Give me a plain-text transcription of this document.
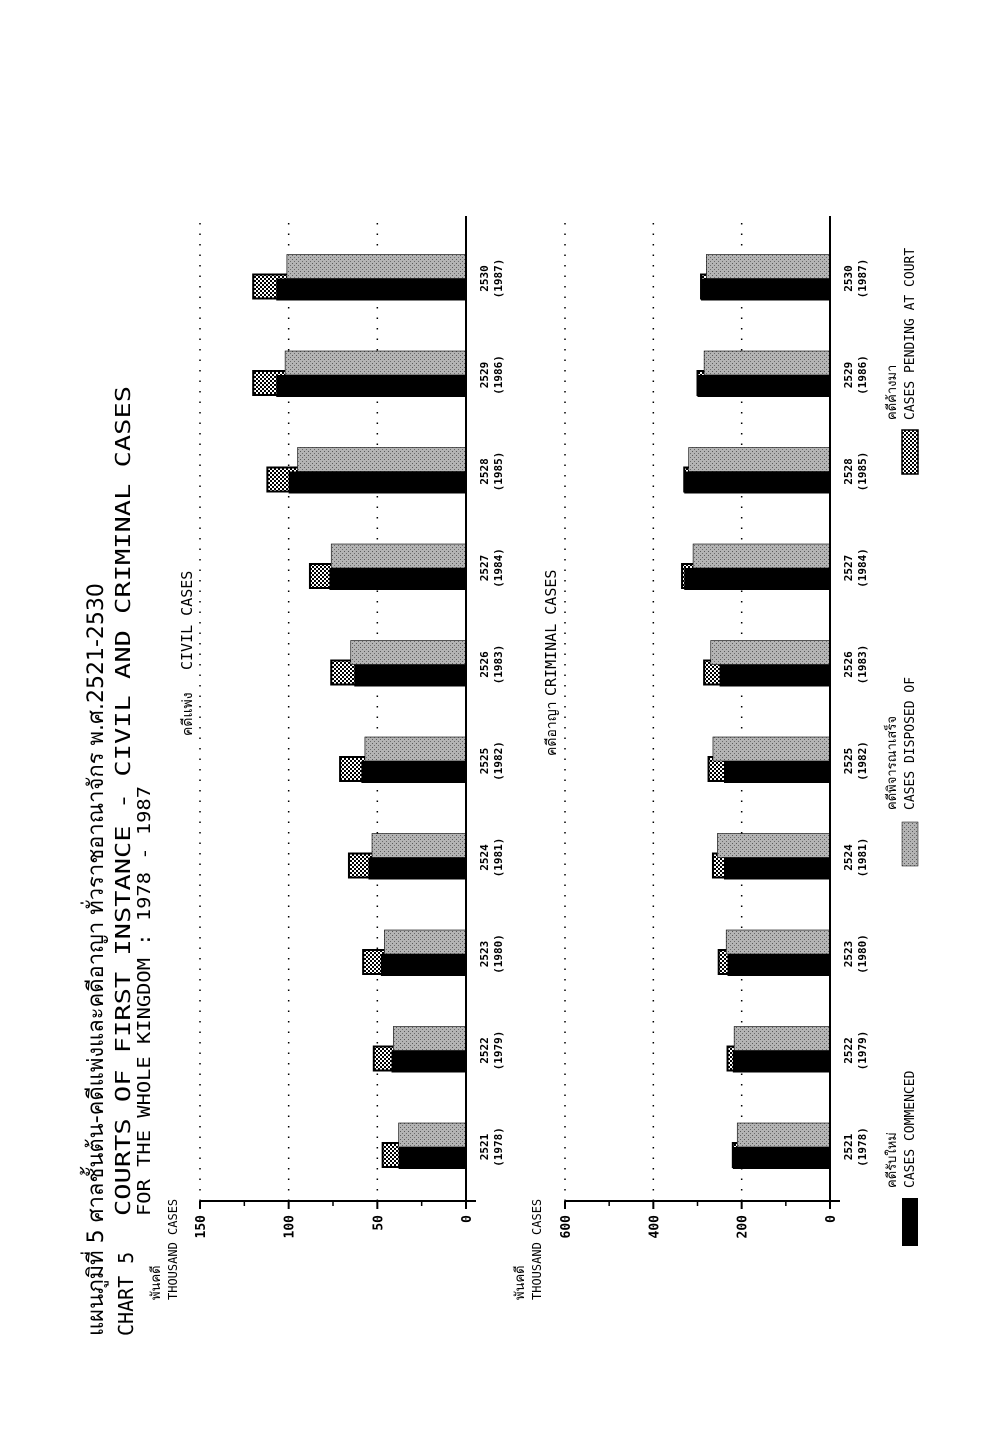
แผนภูมิที่ 5 ศาลชั้นต้น-คดีแพ่งและคดีอาญา ทั่วราชอาณาจักร พ.ศ.2521-2530 CHART 5
COURTS OF FIRST INSTANCE - CIVIL AND CRIMINAL CASES FOR THE WHOLE KINGDOM : 1978 - 1987
พันคดี THOUSAND CASES
คดีแพ่ง
CIVIL CASES
0
50
100
150
2521 (1978)
2522 (1979)
2523 (1980)
2524 (1981)
2525 (1982)
2526 (1983)
2527 (1984)
2528 (1985)
2529 (1986)
2530 (1987)
พันคดี THOUSAND CASES
คดีอาญา
CRIMINAL CASES
0
200
400
600
2521 (1978)
2522 (1979)
2523 (1980)
2524 (1981)
2525 (1982)
2526 (1983)
2527 (1984)
2528 (1985)
2529 (1986)
2530 (1987)
คดีรับใหม่ CASES COMMENCED
คดีพิจารณาเสร็จ CASES DISPOSED OF
คดีค้างมา CASES PENDING AT COURT
